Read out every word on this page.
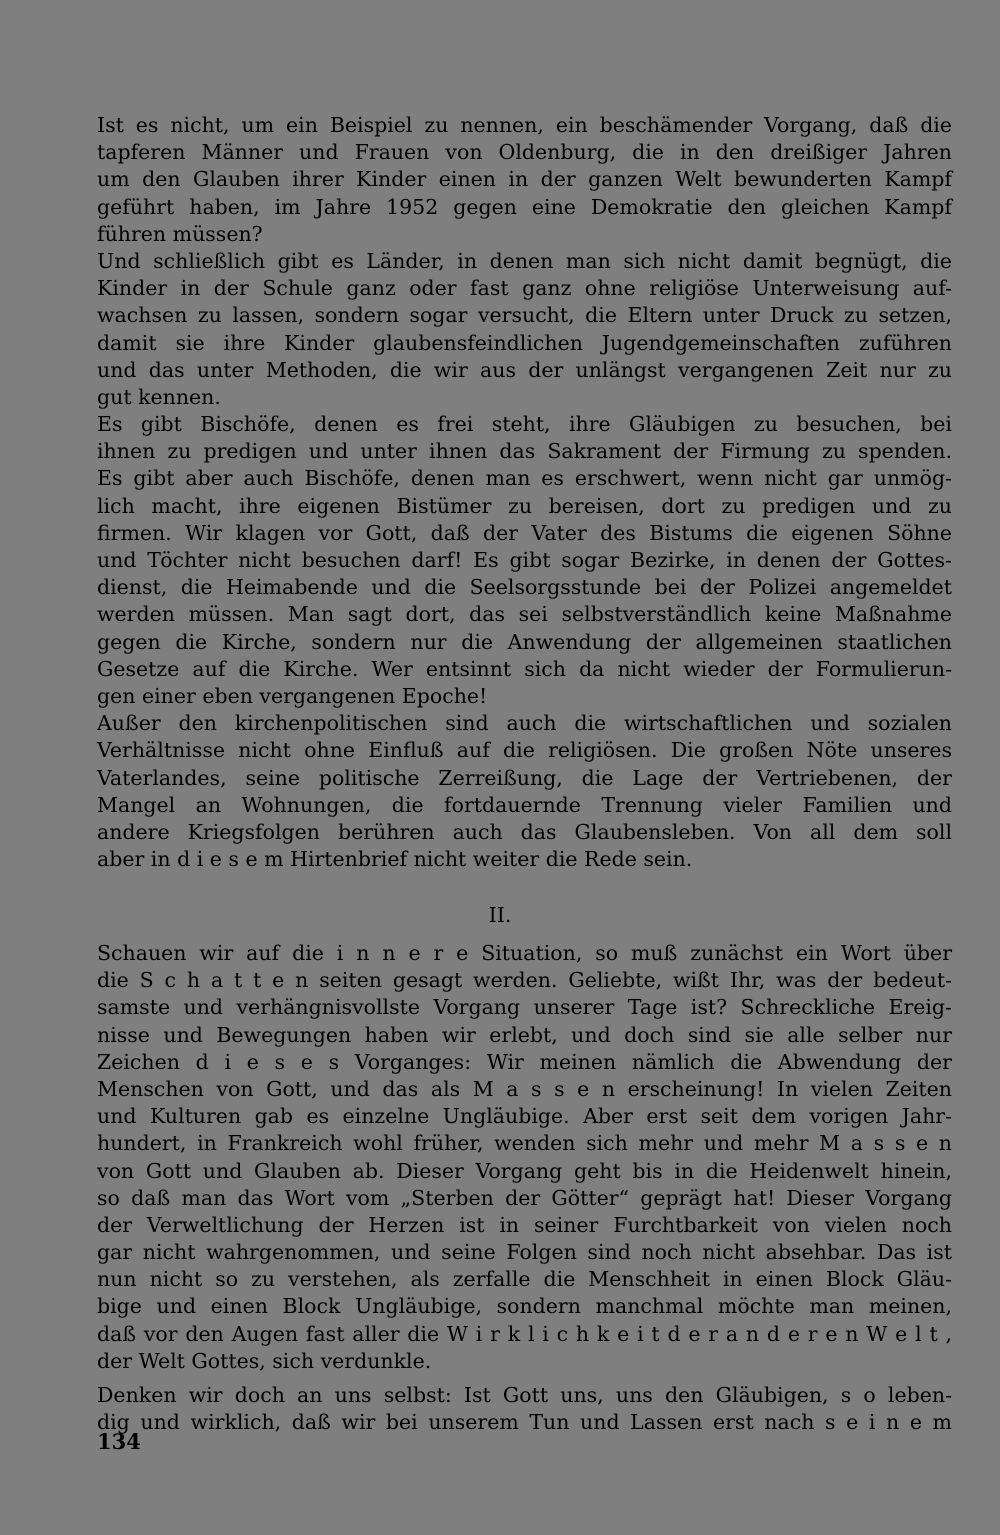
Ist es nicht, um ein Beispiel zu nennen, ein beschämender Vorgang, daß die
tapferen Männer und Frauen von Oldenburg, die in den dreißiger Jahren
um den Glauben ihrer Kinder einen in der ganzen Welt bewunderten Kampf
geführt haben, im Jahre 1952 gegen eine Demokratie den gleichen Kampf
führen müssen?
Und schließlich gibt es Länder, in denen man sich nicht damit begnügt, die
Kinder in der Schule ganz oder fast ganz ohne religiöse Unterweisung auf-
wachsen zu lassen, sondern sogar versucht, die Eltern unter Druck zu setzen,
damit sie ihre Kinder glaubensfeindlichen Jugendgemeinschaften zuführen
und das unter Methoden, die wir aus der unlängst vergangenen Zeit nur zu
gut kennen.
Es gibt Bischöfe, denen es frei steht, ihre Gläubigen zu besuchen, bei
ihnen zu predigen und unter ihnen das Sakrament der Firmung zu spenden.
Es gibt aber auch Bischöfe, denen man es erschwert, wenn nicht gar unmög-
lich macht, ihre eigenen Bistümer zu bereisen, dort zu predigen und zu
firmen. Wir klagen vor Gott, daß der Vater des Bistums die eigenen Söhne
und Töchter nicht besuchen darf! Es gibt sogar Bezirke, in denen der Gottes-
dienst, die Heimabende und die Seelsorgsstunde bei der Polizei angemeldet
werden müssen. Man sagt dort, das sei selbstverständlich keine Maßnahme
gegen die Kirche, sondern nur die Anwendung der allgemeinen staatlichen
Gesetze auf die Kirche. Wer entsinnt sich da nicht wieder der Formulierun-
gen einer eben vergangenen Epoche!
Außer den kirchenpolitischen sind auch die wirtschaftlichen und sozialen
Verhältnisse nicht ohne Einfluß auf die religiösen. Die großen Nöte unseres
Vaterlandes, seine politische Zerreißung, die Lage der Vertriebenen, der
Mangel an Wohnungen, die fortdauernde Trennung vieler Familien und
andere Kriegsfolgen berühren auch das Glaubensleben. Von all dem soll
aber in d i e s e m Hirtenbrief nicht weiter die Rede sein.
II.
Schauen wir auf die i n n e r e Situation, so muß zunächst ein Wort über
die S c h a t t e n seiten gesagt werden. Geliebte, wißt Ihr, was der bedeut-
samste und verhängnisvollste Vorgang unserer Tage ist? Schreckliche Ereig-
nisse und Bewegungen haben wir erlebt, und doch sind sie alle selber nur
Zeichen d i e s e s Vorganges: Wir meinen nämlich die Abwendung der
Menschen von Gott, und das als M a s s e n erscheinung! In vielen Zeiten
und Kulturen gab es einzelne Ungläubige. Aber erst seit dem vorigen Jahr-
hundert, in Frankreich wohl früher, wenden sich mehr und mehr M a s s e n
von Gott und Glauben ab. Dieser Vorgang geht bis in die Heidenwelt hinein,
so daß man das Wort vom „Sterben der Götter“ geprägt hat! Dieser Vorgang
der Verweltlichung der Herzen ist in seiner Furchtbarkeit von vielen noch
gar nicht wahrgenommen, und seine Folgen sind noch nicht absehbar. Das ist
nun nicht so zu verstehen, als zerfalle die Menschheit in einen Block Gläu-
bige und einen Block Ungläubige, sondern manchmal möchte man meinen,
daß vor den Augen fast aller die W i r k l i c h k e i t d e r a n d e r e n W e l t ,
der Welt Gottes, sich verdunkle.
Denken wir doch an uns selbst: Ist Gott uns, uns den Gläubigen, s o leben-
dig und wirklich, daß wir bei unserem Tun und Lassen erst nach s e i n e m
134
